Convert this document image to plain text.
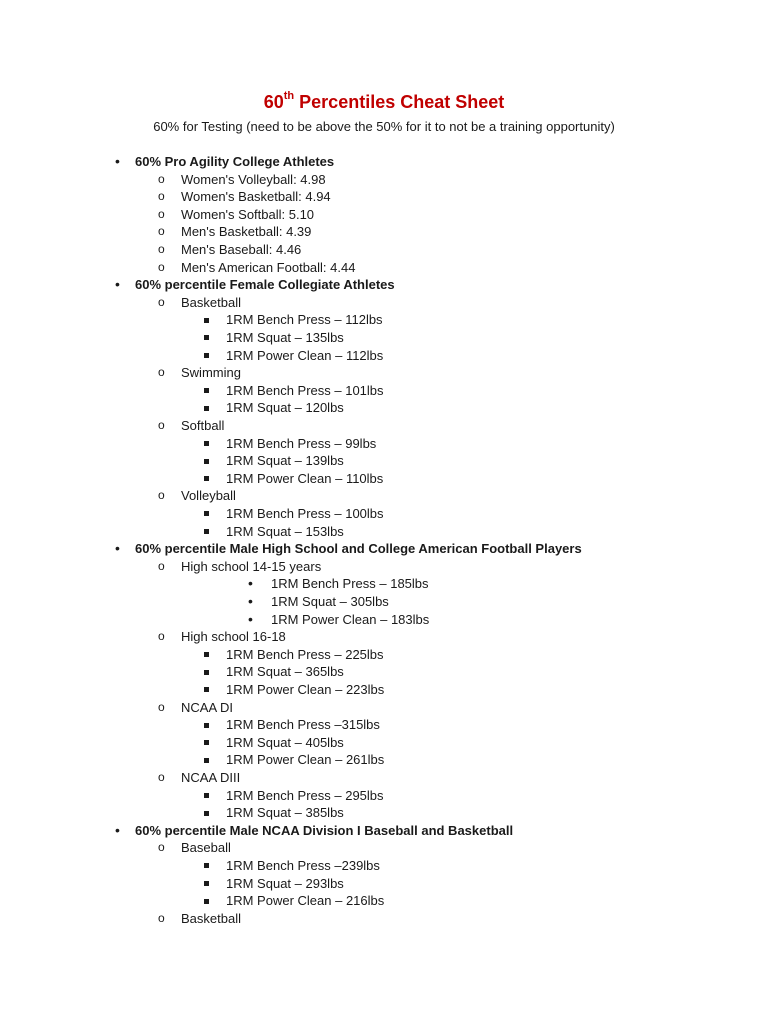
60th Percentiles Cheat Sheet
60% for Testing (need to be above the 50% for it to not be a training opportunity)
60% Pro Agility College Athletes
•
Women's Volleyball: 4.98
o
Women's Basketball: 4.94
o
Women's Softball: 5.10
o
Men's Basketball: 4.39
o
Men's Baseball: 4.46
o
Men's American Football: 4.44
o
60% percentile Female Collegiate Athletes
•
Basketball
o
1RM Bench Press – 112lbs
1RM Squat – 135lbs
1RM Power Clean – 112lbs
Swimming
o
1RM Bench Press – 101lbs
1RM Squat – 120lbs
Softball
o
1RM Bench Press – 99lbs
1RM Squat – 139lbs
1RM Power Clean – 110lbs
Volleyball
o
1RM Bench Press – 100lbs
1RM Squat – 153lbs
60% percentile Male High School and College American Football Players
•
High school 14-15 years
o
1RM Bench Press – 185lbs
•
1RM Squat – 305lbs
•
1RM Power Clean – 183lbs
•
High school 16-18
o
1RM Bench Press – 225lbs
1RM Squat – 365lbs
1RM Power Clean – 223lbs
NCAA DI
o
1RM Bench Press –315lbs
1RM Squat – 405lbs
1RM Power Clean – 261lbs
NCAA DIII
o
1RM Bench Press – 295lbs
1RM Squat – 385lbs
60% percentile Male NCAA Division I Baseball and Basketball
•
Baseball
o
1RM Bench Press –239lbs
1RM Squat – 293lbs
1RM Power Clean – 216lbs
Basketball
o
